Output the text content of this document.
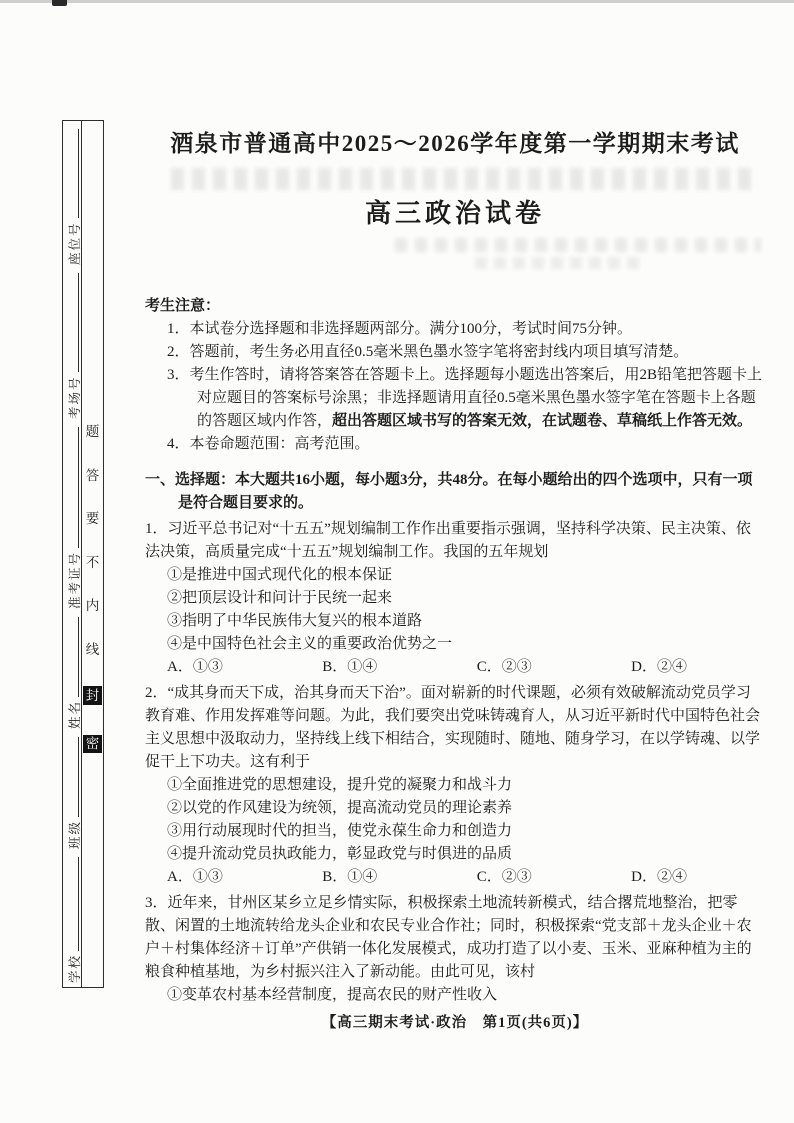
座位号
考场号
准考证号
姓名
班级
学校
题
答
要
不
内
线
封
密
酒泉市普通高中2025～2026学年度第一学期期末考试
高三政治试卷
考生注意：
1．本试卷分选择题和非选择题两部分。满分100分，考试时间75分钟。
2．答题前，考生务必用直径0.5毫米黑色墨水签字笔将密封线内项目填写清楚。
3．考生作答时，请将答案答在答题卡上。选择题每小题选出答案后，用2B铅笔把答题卡上对应题目的答案标号涂黑；非选择题请用直径0.5毫米黑色墨水签字笔在答题卡上各题的答题区域内作答，超出答题区域书写的答案无效，在试题卷、草稿纸上作答无效。
4．本卷命题范围：高考范围。
一、选择题：本大题共16小题，每小题3分，共48分。在每小题给出的四个选项中，只有一项是符合题目要求的。
1．习近平总书记对“十五五”规划编制工作作出重要指示强调，坚持科学决策、民主决策、依法决策，高质量完成“十五五”规划编制工作。我国的五年规划
①是推进中国式现代化的根本保证
②把顶层设计和问计于民统一起来
③指明了中华民族伟大复兴的根本道路
④是中国特色社会主义的重要政治优势之一
A．①③	B．①④	C．②③	D．②④
2．“成其身而天下成，治其身而天下治”。面对崭新的时代课题，必须有效破解流动党员学习教育难、作用发挥难等问题。为此，我们要突出党味铸魂育人，从习近平新时代中国特色社会主义思想中汲取动力，坚持线上线下相结合，实现随时、随地、随身学习，在以学铸魂、以学促干上下功夫。这有利于
①全面推进党的思想建设，提升党的凝聚力和战斗力
②以党的作风建设为统领，提高流动党员的理论素养
③用行动展现时代的担当，使党永葆生命力和创造力
④提升流动党员执政能力，彰显政党与时俱进的品质
A．①③	B．①④	C．②③	D．②④
3．近年来，甘州区某乡立足乡情实际，积极探索土地流转新模式，结合撂荒地整治，把零散、闲置的土地流转给龙头企业和农民专业合作社；同时，积极探索“党支部＋龙头企业＋农户＋村集体经济＋订单”产供销一体化发展模式，成功打造了以小麦、玉米、亚麻种植为主的粮食种植基地，为乡村振兴注入了新动能。由此可见，该村
①变革农村基本经营制度，提高农民的财产性收入
【高三期末考试·政治　第1页(共6页)】
